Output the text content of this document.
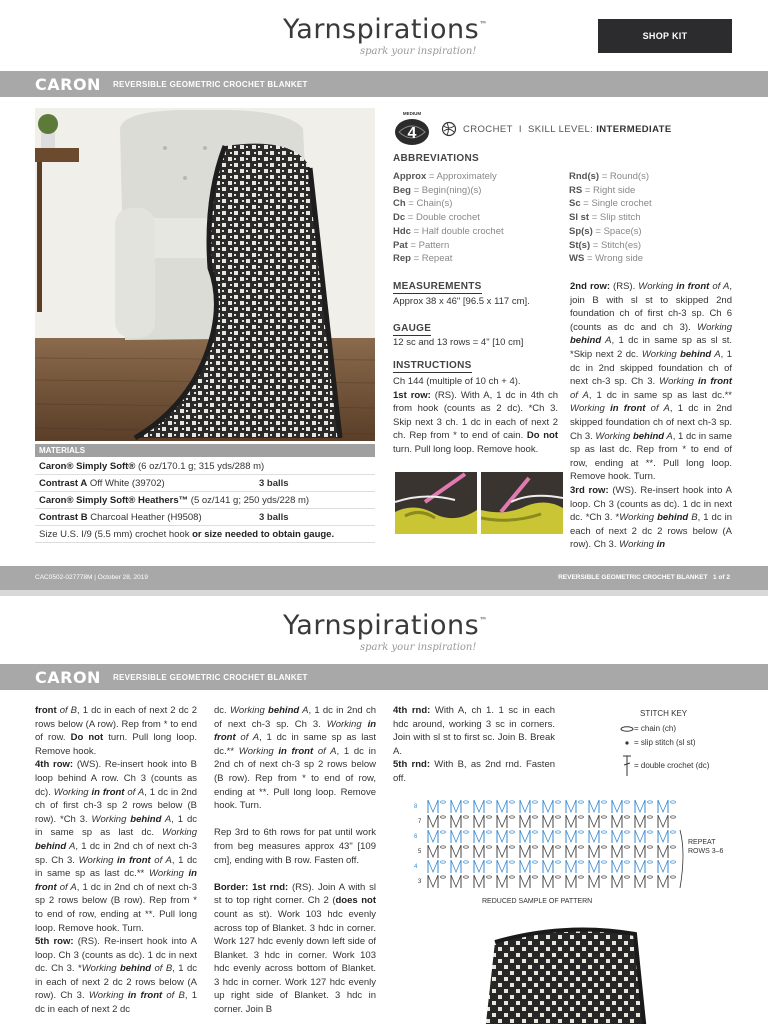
Yarnspirations™
spark your inspiration!
SHOP KIT
CARON REVERSIBLE GEOMETRIC CROCHET BLANKET
MATERIALS
Caron® Simply Soft® (6 oz/170.1 g; 315 yds/288 m)
Contrast A Off White (39702)	3 balls
Caron® Simply Soft® Heathers™ (5 oz/141 g; 250 yds/228 m)
Contrast B Charcoal Heather (H9508)	3 balls
Size U.S. I/9 (5.5 mm) crochet hook or size needed to obtain gauge.
MEDIUM
4	CROCHET I SKILL LEVEL: INTERMEDIATE
ABBREVIATIONS
Approx = Approximately
Beg = Begin(ning)(s)
Ch = Chain(s)
Dc = Double crochet
Hdc = Half double crochet
Pat = Pattern
Rep = Repeat
Rnd(s) = Round(s)
RS = Right side
Sc = Single crochet
Sl st = Slip stitch
Sp(s) = Space(s)
St(s) = Stitch(es)
WS = Wrong side
MEASUREMENTS
Approx 38 x 46" [96.5 x 117 cm].
GAUGE
12 sc and 13 rows = 4" [10 cm]
INSTRUCTIONS
Ch 144 (multiple of 10 ch + 4).
1st row: (RS). With A, 1 dc in 4th ch from hook (counts as 2 dc). *Ch 3. Skip next 3 ch. 1 dc in each of next 2 ch. Rep from * to end of cain. Do not turn. Pull long loop. Remove hook.
2nd row: (RS). Working in front of A, join B with sl st to skipped 2nd foundation ch of first ch-3 sp. Ch 6 (counts as dc and ch 3). Working behind A, 1 dc in same sp as sl st. *Skip next 2 dc. Working behind A, 1 dc in 2nd skipped foundation ch of next ch-3 sp. Ch 3. Working in front of A, 1 dc in same sp as last dc.** Working in front of A, 1 dc in 2nd skipped foundation ch of next ch-3 sp. Ch 3. Working behind A, 1 dc in same sp as last dc. Rep from * to end of row, ending at **. Pull long loop. Remove hook. Turn.
3rd row: (WS). Re-insert hook into A loop. Ch 3 (counts as dc). 1 dc in next dc. *Ch 3. *Working behind B, 1 dc in each of next 2 dc 2 rows below (A row). Ch 3. Working in
CAC0502-027778M | October 28, 2019	REVERSIBLE GEOMETRIC CROCHET BLANKET 1 of 2
Yarnspirations™
spark your inspiration!
CARON REVERSIBLE GEOMETRIC CROCHET BLANKET
front of B, 1 dc in each of next 2 dc 2 rows below (A row). Rep from * to end of row. Do not turn. Pull long loop. Remove hook.
4th row: (WS). Re-insert hook into B loop behind A row. Ch 3 (counts as dc). Working in front of A, 1 dc in 2nd ch of first ch-3 sp 2 rows below (B row). *Ch 3. Working behind A, 1 dc in same sp as last dc. Working behind A, 1 dc in 2nd ch of next ch-3 sp. Ch 3. Working in front of A, 1 dc in same sp as last dc.** Working in front of A, 1 dc in 2nd ch of next ch-3 sp 2 rows below (B row). Rep from * to end of row, ending at **. Pull long loop. Remove hook. Turn.
5th row: (RS). Re-insert hook into A loop. Ch 3 (counts as dc). 1 dc in next dc. Ch 3. *Working behind of B, 1 dc in each of next 2 dc 2 rows below (A row). Ch 3. Working in front of B, 1 dc in each of next 2 dc
dc. Working behind A, 1 dc in 2nd ch of next ch-3 sp. Ch 3. Working in front of A, 1 dc in same sp as last dc.** Working in front of A, 1 dc in 2nd ch of next ch-3 sp 2 rows below (B row). Rep from * to end of row, ending at **. Pull long loop. Remove hook. Turn.

Rep 3rd to 6th rows for pat until work from beg measures approx 43" [109 cm], ending with B row. Fasten off.

Border: 1st rnd: (RS). Join A with sl st to top right corner. Ch 2 (does not count as st). Work 103 hdc evenly across top of Blanket. 3 hdc in corner. Work 127 hdc evenly down left side of Blanket. 3 hdc in corner. Work 103 hdc evenly across bottom of Blanket. 3 hdc in corner. Work 127 hdc evenly up right side of Blanket. 3 hdc in corner. Join B
4th rnd: With A, ch 1. 1 sc in each hdc around, working 3 sc in corners. Join with sl st to first sc. Join B. Break A.
5th rnd: With B, as 2nd rnd. Fasten off.
STITCH KEY
= chain (ch)
= slip stitch (sl st)
= double crochet (dc)
8
7
6
5
4
3
REPEAT
ROWS 3–6
REDUCED SAMPLE OF PATTERN
